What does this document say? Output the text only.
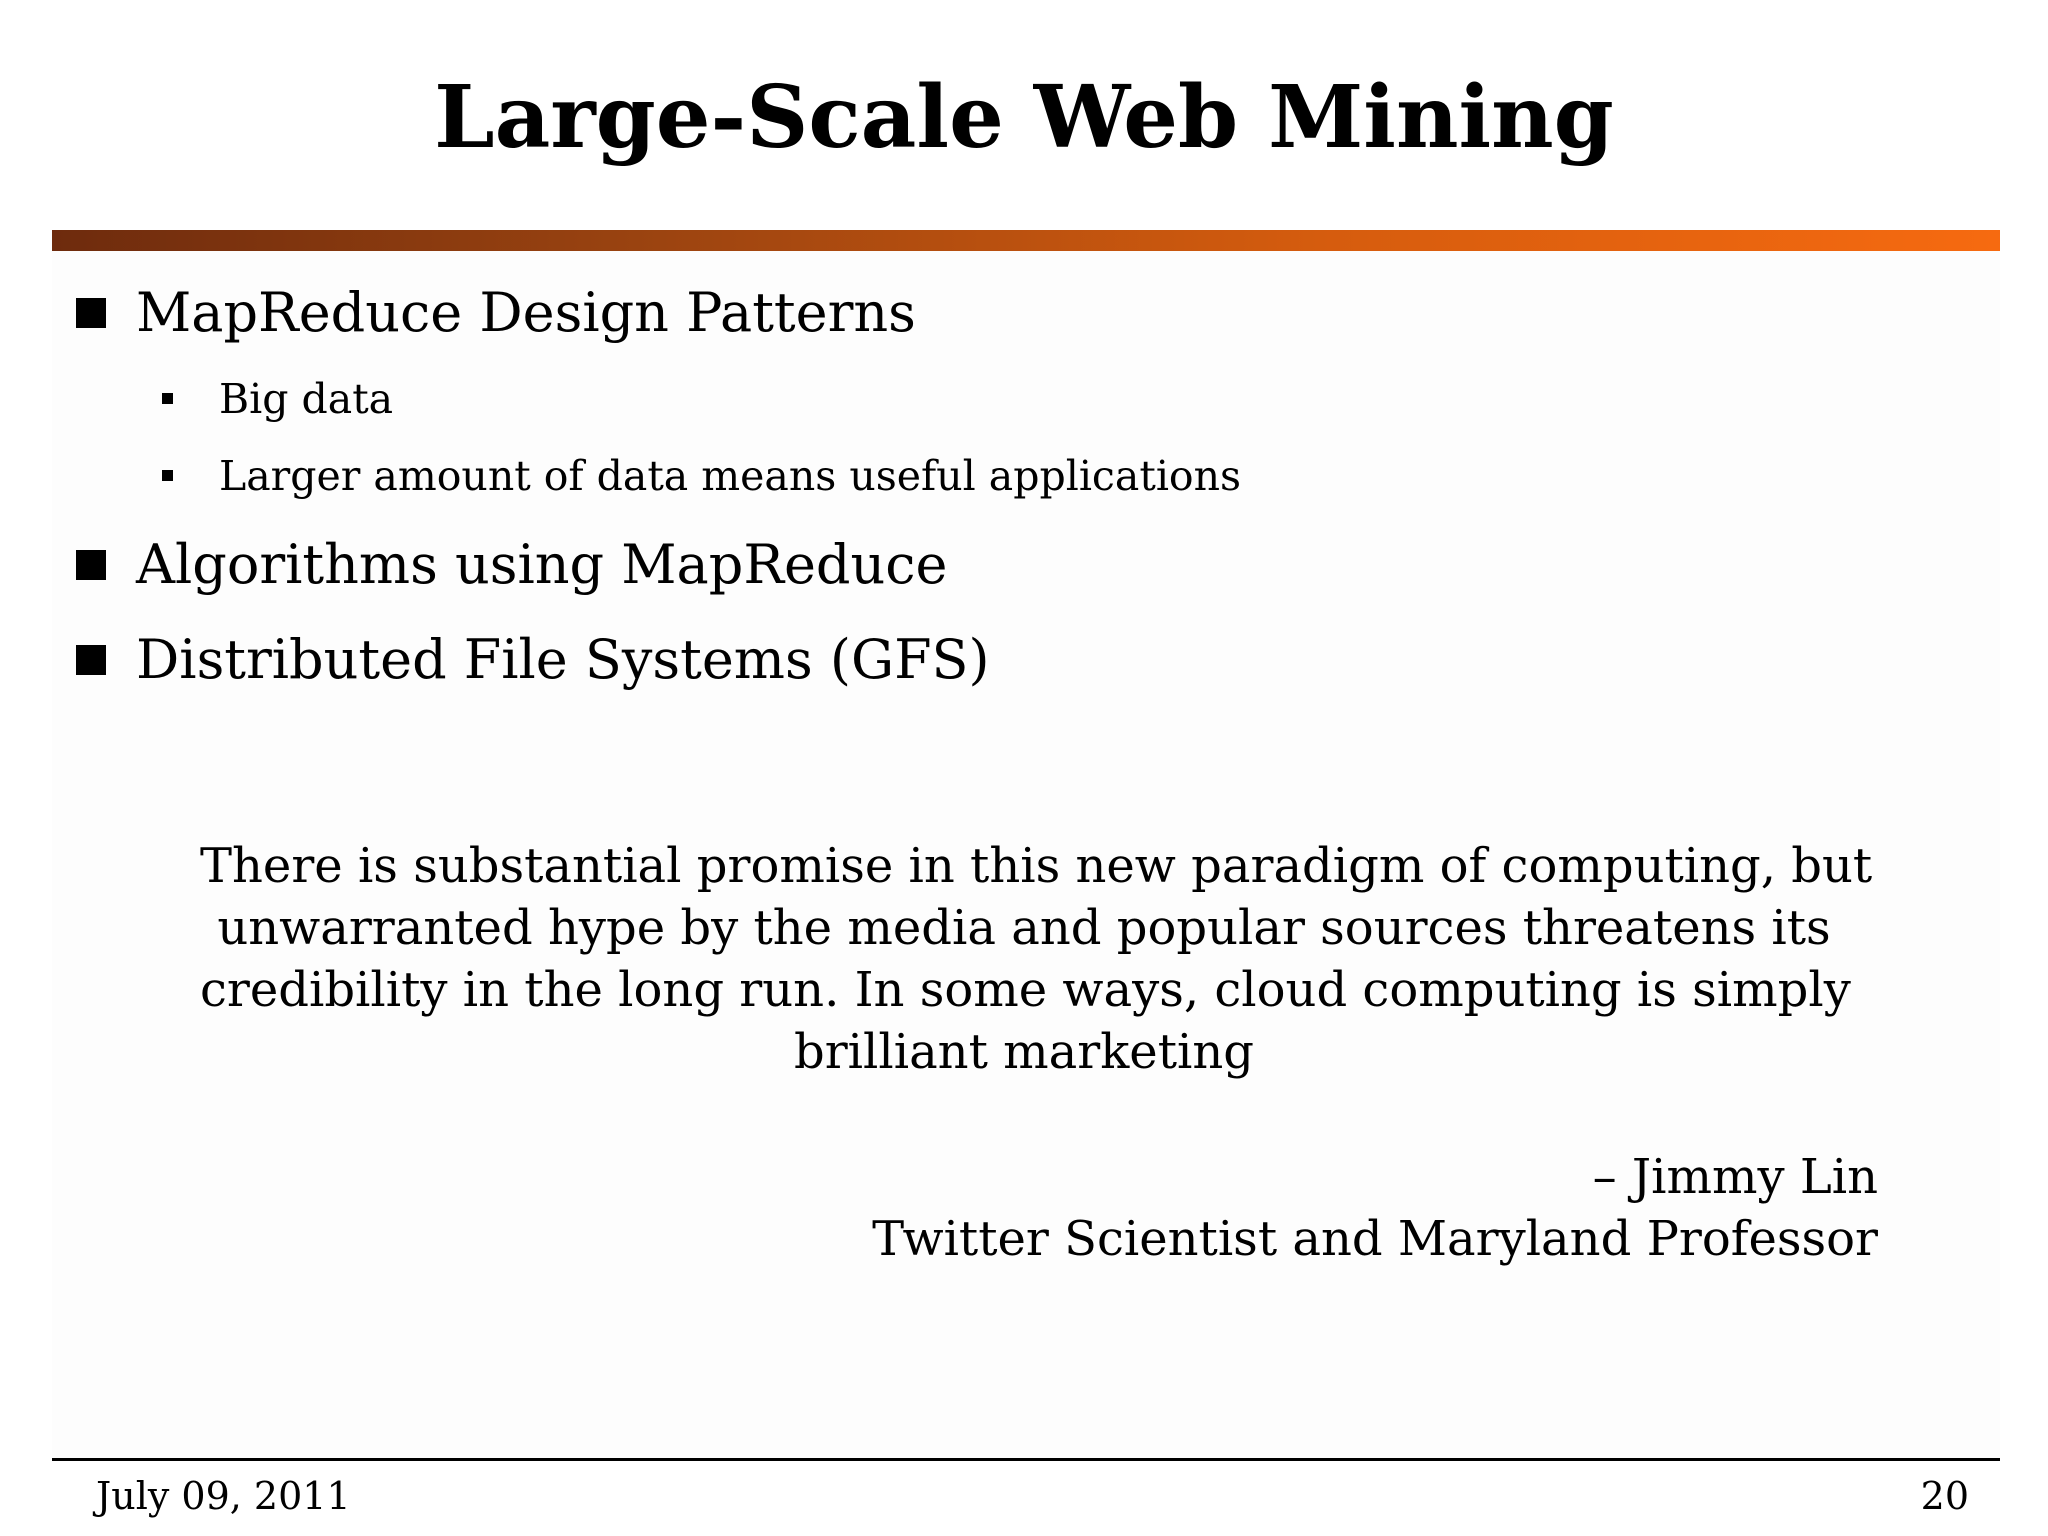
Large-Scale Web Mining
MapReduce Design Patterns
Big data
Larger amount of data means useful applications
Algorithms using MapReduce
Distributed File Systems (GFS)
There is substantial promise in this new paradigm of computing, but
unwarranted hype by the media and popular sources threatens its
credibility in the long run. In some ways, cloud computing is simply
brilliant marketing
– Jimmy Lin
Twitter Scientist and Maryland Professor
July 09, 2011	20
